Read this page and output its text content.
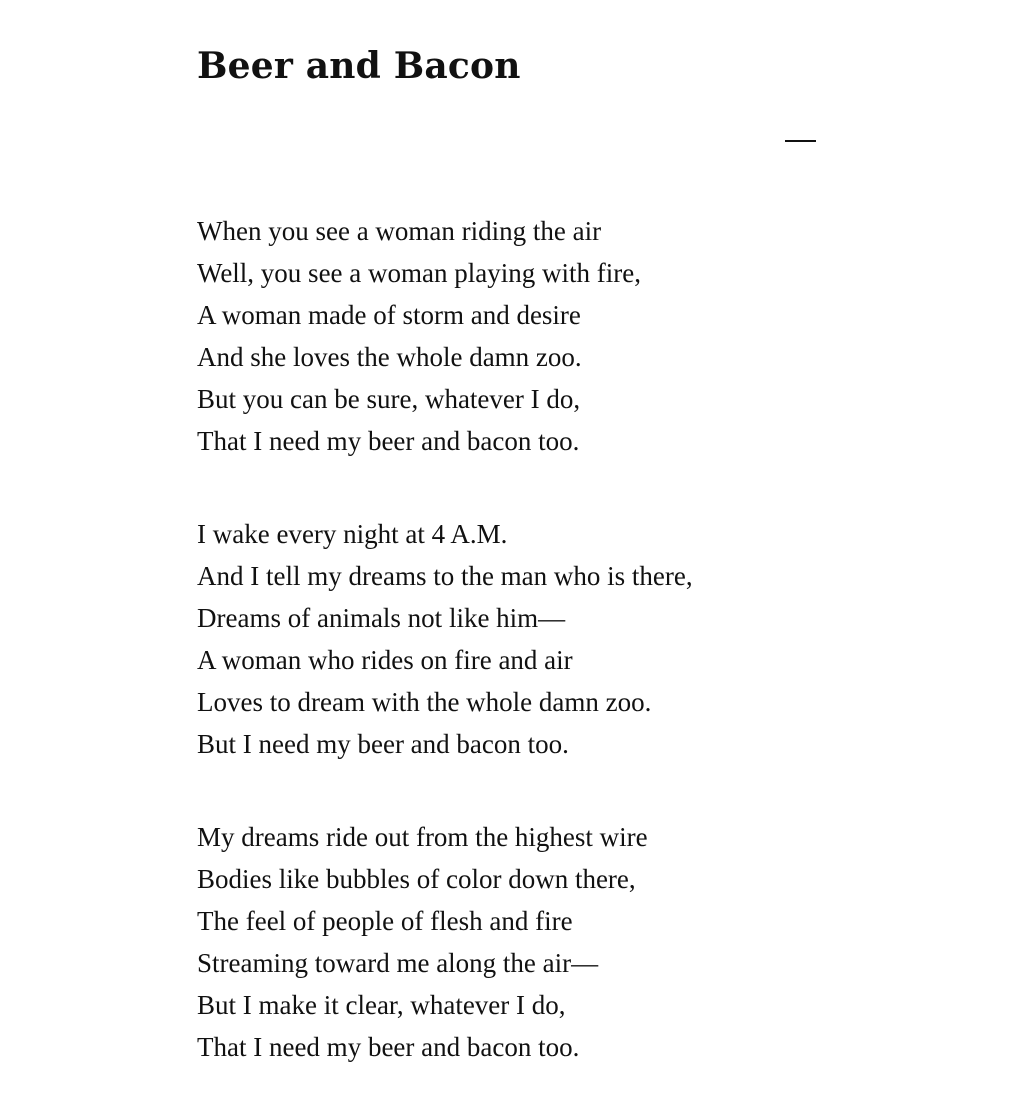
Beer and Bacon
When you see a woman riding the air
Well, you see a woman playing with fire,
A woman made of storm and desire
And she loves the whole damn zoo.
But you can be sure, whatever I do,
That I need my beer and bacon too.
I wake every night at 4 A.M.
And I tell my dreams to the man who is there,
Dreams of animals not like him—
A woman who rides on fire and air
Loves to dream with the whole damn zoo.
But I need my beer and bacon too.
My dreams ride out from the highest wire
Bodies like bubbles of color down there,
The feel of people of flesh and fire
Streaming toward me along the air—
But I make it clear, whatever I do,
That I need my beer and bacon too.
